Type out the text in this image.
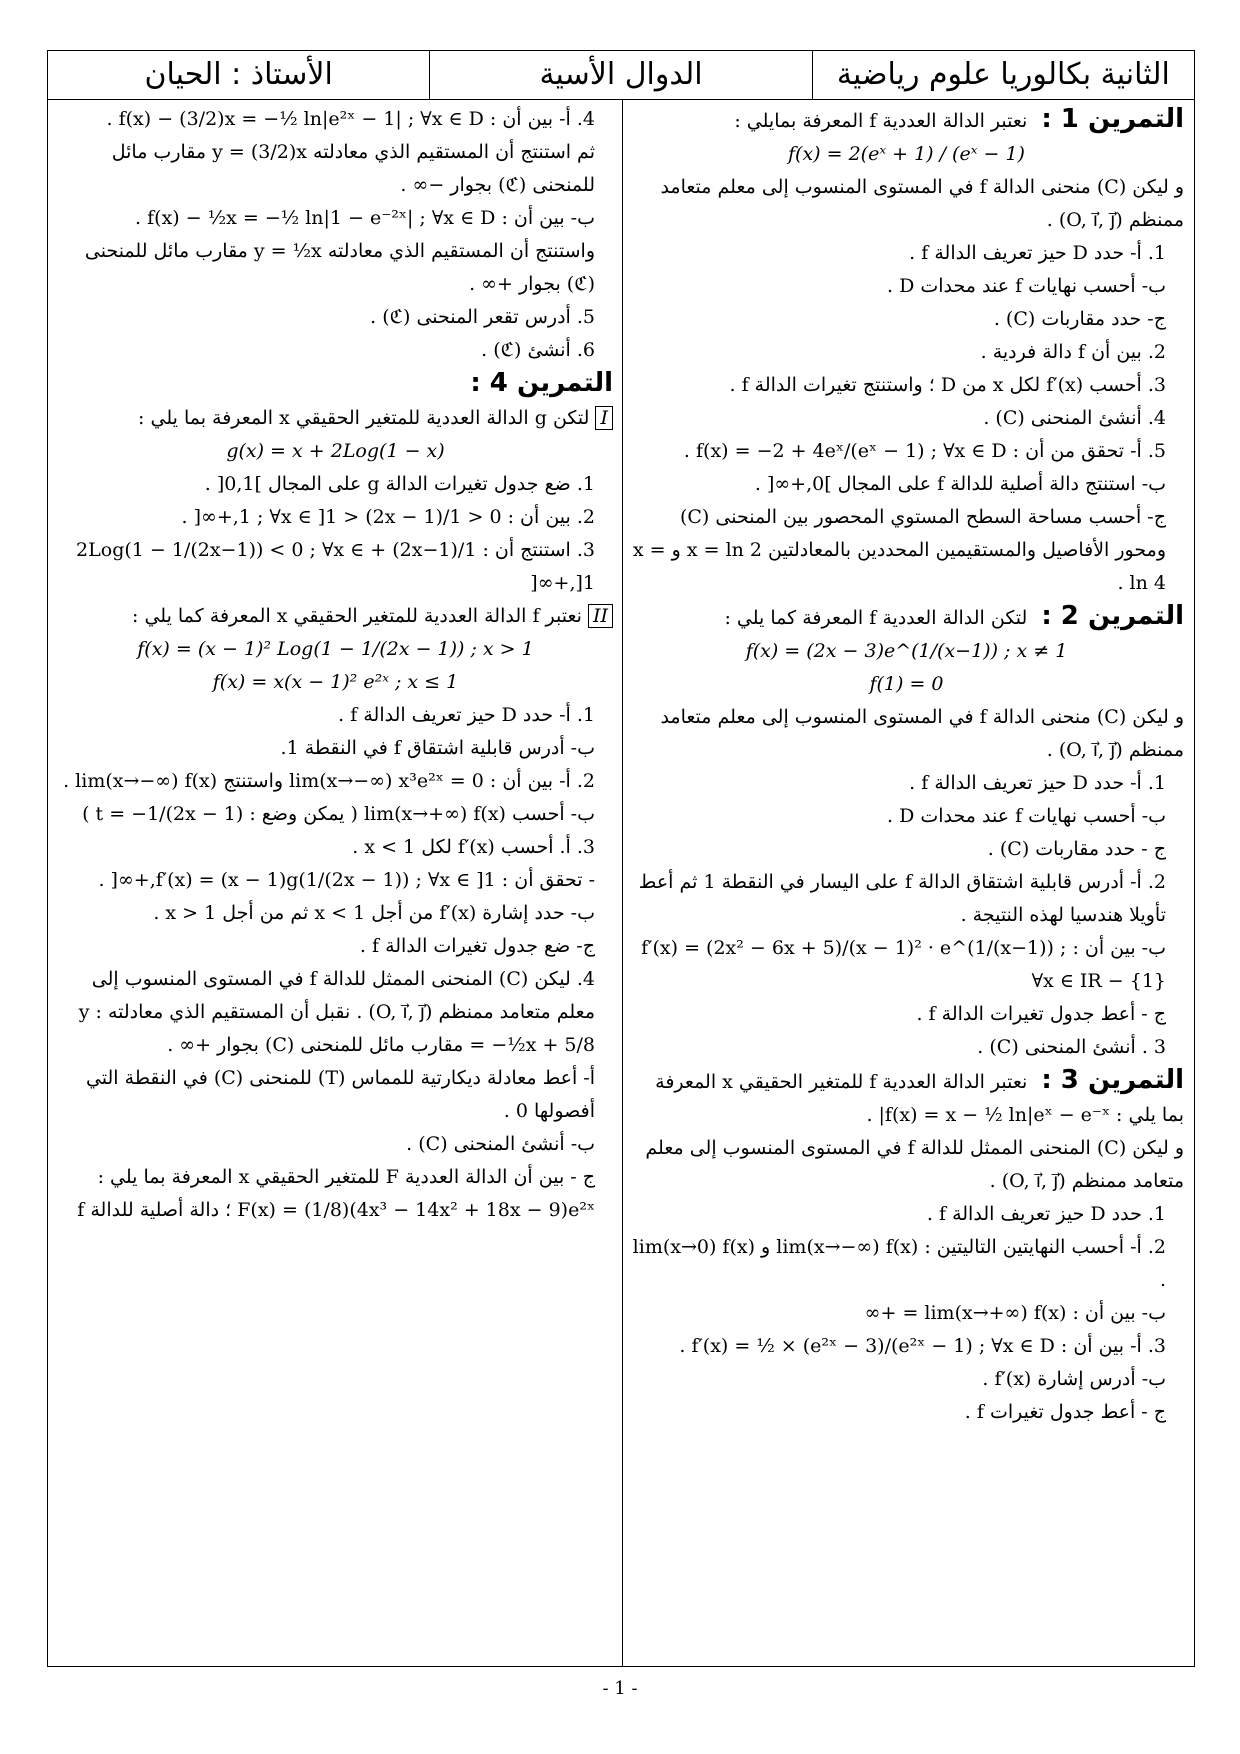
الثانية بكالوريا علوم رياضية
الدوال الأسية
الأستاذ : الحيان

التمرين 1 :نعتبر الدالة العددية f المعرفة بمايلي :

f(x) = 2(eˣ + 1) / (eˣ − 1)

و ليكن (C) منحنى الدالة f في المستوى المنسوب إلى معلم متعامد ممنظم (O, i⃗, j⃗) .

1. أ- حدد D حيز تعريف الدالة f .

ب- أحسب نهايات f عند محدات D .

ج- حدد مقاربات (C) .

2. بين أن f دالة فردية .

3. أحسب f′(x) لكل x من D ؛ واستنتج تغيرات الدالة f .

4. أنشئ المنحنى (C) .

5. أ- تحقق من أن : f(x) = −2 + 4eˣ/(eˣ − 1) ; ∀x ∈ D .

ب- استنتج دالة أصلية للدالة f على المجال ]0,+∞[ .

ج- أحسب مساحة السطح المستوي المحصور بين المنحنى (C) ومحور الأفاصيل والمستقيمين المحددين بالمعادلتين x = ln 2 و x = ln 4 .

التمرين 2 :لتكن الدالة العددية f المعرفة كما يلي :

f(x) = (2x − 3)e^(1/(x−1)) ; x ≠ 1

f(1) = 0

و ليكن (C) منحنى الدالة f في المستوى المنسوب إلى معلم متعامد ممنظم (O, i⃗, j⃗) .

1. أ- حدد D حيز تعريف الدالة f .

ب- أحسب نهايات f عند محدات D .

ج - حدد مقاربات (C) .

2. أ- أدرس قابلية اشتقاق الدالة f على اليسار في النقطة 1 ثم أعط تأويلا هندسيا لهذه النتيجة .

ب- بين أن : f′(x) = (2x² − 6x + 5)/(x − 1)² · e^(1/(x−1)) ; ∀x ∈ IR − {1}

ج - أعط جدول تغيرات الدالة f .

3 . أنشئ المنحنى (C) .

التمرين 3 :نعتبر الدالة العددية f للمتغير الحقيقي x المعرفة بما يلي : f(x) = x − ½ ln|eˣ − e⁻ˣ| .

و ليكن (C) المنحنى الممثل للدالة f في المستوى المنسوب إلى معلم متعامد ممنظم (O, i⃗, j⃗) .

1. حدد D حيز تعريف الدالة f .

2. أ- أحسب النهايتين التاليتين : lim(x→−∞) f(x) و lim(x→0) f(x) .

ب- بين أن : lim(x→+∞) f(x) = +∞

3. أ- بين أن : f′(x) = ½ × (e²ˣ − 3)/(e²ˣ − 1) ; ∀x ∈ D .

ب- أدرس إشارة f′(x) .

ج - أعط جدول تغيرات f .

4. أ- بين أن : f(x) − (3/2)x = −½ ln|e²ˣ − 1| ; ∀x ∈ D .

ثم استنتج أن المستقيم الذي معادلته y = (3/2)x مقارب مائل للمنحنى (ℭ) بجوار −∞ .

ب- بين أن : f(x) − ½x = −½ ln|1 − e⁻²ˣ| ; ∀x ∈ D .

واستنتج أن المستقيم الذي معادلته y = ½x مقارب مائل للمنحنى (ℭ) بجوار +∞ .

5. أدرس تقعر المنحنى (ℭ) .

6. أنشئ (ℭ) .

التمرين 4 :

I لتكن g الدالة العددية للمتغير الحقيقي x المعرفة بما يلي :

g(x) = x + 2Log(1 − x)

1. ضع جدول تغيرات الدالة g على المجال ]0,1[ .

2. بين أن : 0 < 1/(2x − 1) < 1 ; ∀x ∈ ]1,+∞[ .

3. استنتج أن : 1/(2x−1) + 2Log(1 − 1/(2x−1)) < 0 ; ∀x ∈ ]1,+∞[

II نعتبر f الدالة العددية للمتغير الحقيقي x المعرفة كما يلي :

f(x) = (x − 1)² Log(1 − 1/(2x − 1)) ; x > 1

f(x) = x(x − 1)² e²ˣ ; x ≤ 1

1. أ- حدد D حيز تعريف الدالة f .

ب- أدرس قابلية اشتقاق f في النقطة 1.

2. أ- بين أن : lim(x→−∞) x³e²ˣ = 0 واستنتج lim(x→−∞) f(x) .

ب- أحسب lim(x→+∞) f(x) ( يمكن وضع : t = −1/(2x − 1) )

3. أ. أحسب f′(x) لكل x < 1 .

- تحقق أن : f′(x) = (x − 1)g(1/(2x − 1)) ; ∀x ∈ ]1,+∞[ .

ب- حدد إشارة f′(x) من أجل x < 1 ثم من أجل x > 1 .

ج- ضع جدول تغيرات الدالة f .

4. ليكن (C) المنحنى الممثل للدالة f في المستوى المنسوب إلى معلم متعامد ممنظم (O, i⃗, j⃗) . نقبل أن المستقيم الذي معادلته : y = −½x + 5/8 مقارب مائل للمنحنى (C) بجوار +∞ .

أ- أعط معادلة ديكارتية للمماس (T) للمنحنى (C) في النقطة التي أفصولها 0 .

ب- أنشئ المنحنى (C) .

ج - بين أن الدالة العددية F للمتغير الحقيقي x المعرفة بما يلي : F(x) = (1/8)(4x³ − 14x² + 18x − 9)e²ˣ ؛ دالة أصلية للدالة f

- 1 -
